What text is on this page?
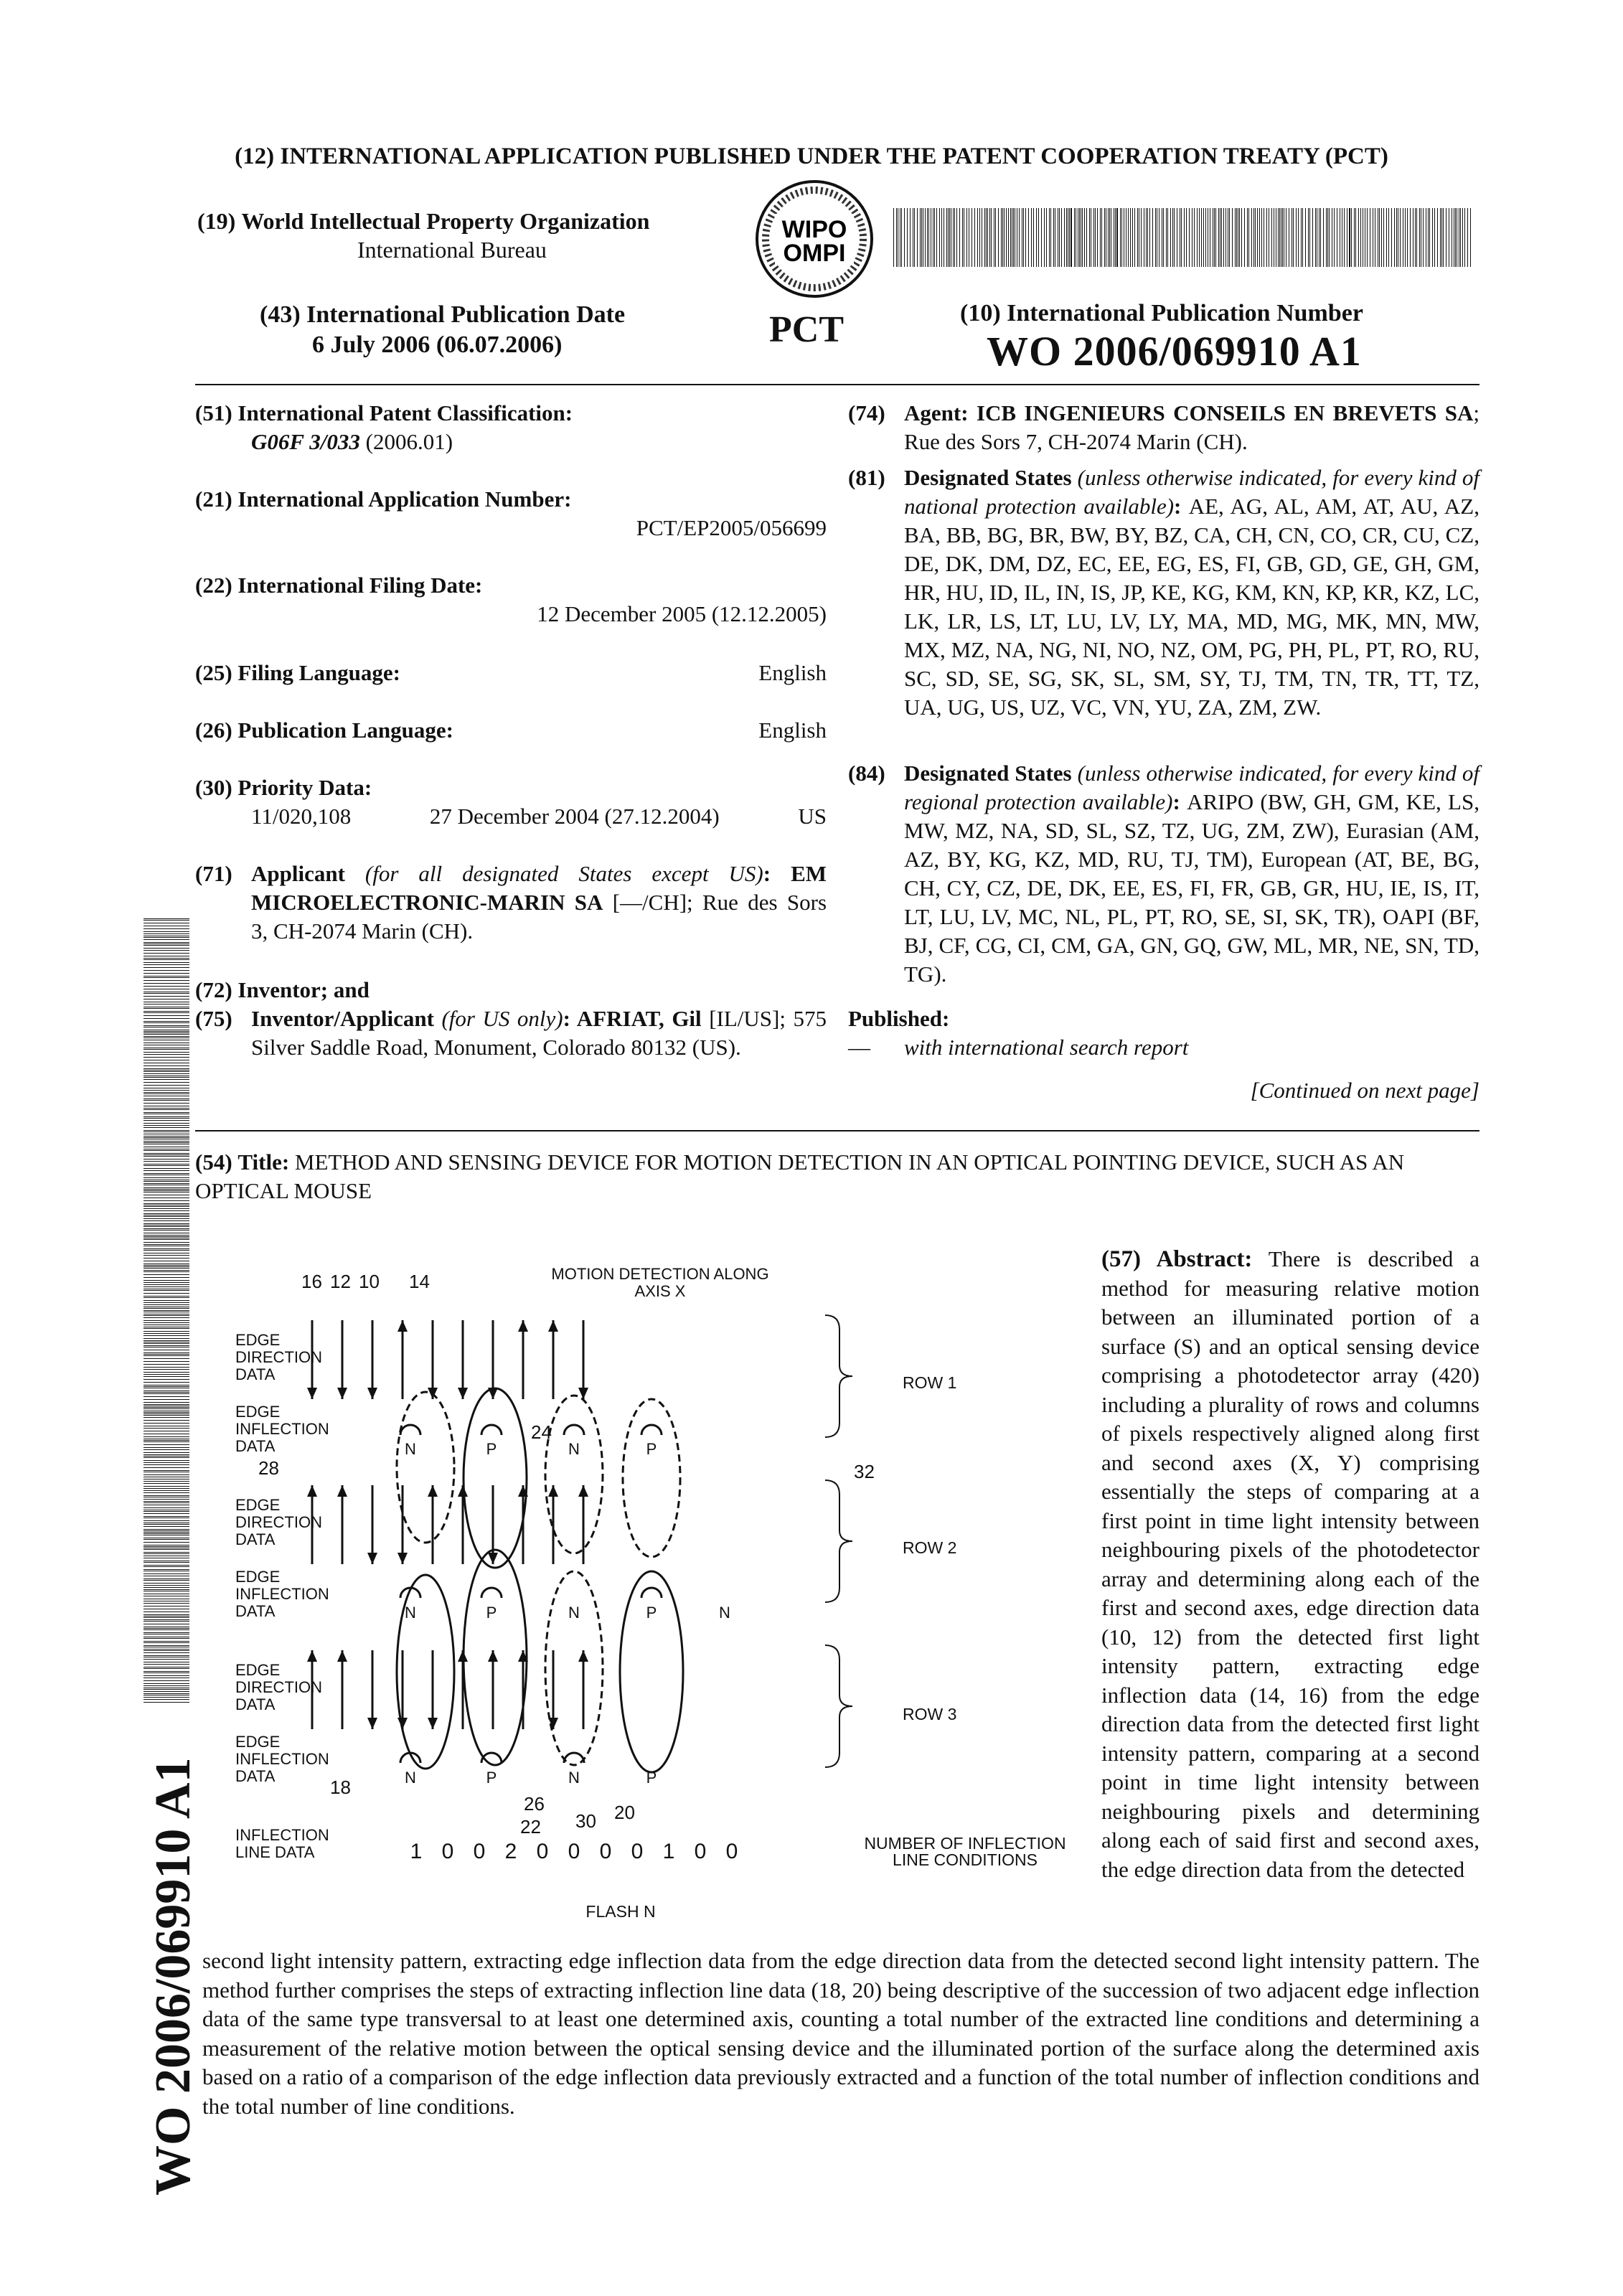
(12) INTERNATIONAL APPLICATION PUBLISHED UNDER THE PATENT COOPERATION TREATY (PCT)
(19) World Intellectual Property Organization
International Bureau
WIPO
OMPI
(43) International Publication Date
6 July 2006 (06.07.2006)	PCT	(10) International Publication Number
WO 2006/069910 A1
(51) International Patent Classification:
G06F 3/033 (2006.01)
(21) International Application Number:
PCT/EP2005/056699
(22) International Filing Date:
12 December 2005 (12.12.2005)
(25) Filing Language:	English
(26) Publication Language:	English
(30) Priority Data:
11/020,108	27 December 2004 (27.12.2004)	US
(71) Applicant (for all designated States except US): EM MICROELECTRONIC-MARIN SA [—/CH]; Rue des Sors 3, CH-2074 Marin (CH).
(72) Inventor; and
(75) Inventor/Applicant (for US only): AFRIAT, Gil [IL/US]; 575 Silver Saddle Road, Monument, Colorado 80132 (US).
(74) Agent: ICB INGENIEURS CONSEILS EN BREVETS SA; Rue des Sors 7, CH-2074 Marin (CH).
(81) Designated States (unless otherwise indicated, for every kind of national protection available): AE, AG, AL, AM, AT, AU, AZ, BA, BB, BG, BR, BW, BY, BZ, CA, CH, CN, CO, CR, CU, CZ, DE, DK, DM, DZ, EC, EE, EG, ES, FI, GB, GD, GE, GH, GM, HR, HU, ID, IL, IN, IS, JP, KE, KG, KM, KN, KP, KR, KZ, LC, LK, LR, LS, LT, LU, LV, LY, MA, MD, MG, MK, MN, MW, MX, MZ, NA, NG, NI, NO, NZ, OM, PG, PH, PL, PT, RO, RU, SC, SD, SE, SG, SK, SL, SM, SY, TJ, TM, TN, TR, TT, TZ, UA, UG, US, UZ, VC, VN, YU, ZA, ZM, ZW.
(84) Designated States (unless otherwise indicated, for every kind of regional protection available): ARIPO (BW, GH, GM, KE, LS, MW, MZ, NA, SD, SL, SZ, TZ, UG, ZM, ZW), Eurasian (AM, AZ, BY, KG, KZ, MD, RU, TJ, TM), European (AT, BE, BG, CH, CY, CZ, DE, DK, EE, ES, FI, FR, GB, GR, HU, IE, IS, IT, LT, LU, LV, MC, NL, PL, PT, RO, SE, SI, SK, TR), OAPI (BF, BJ, CF, CG, CI, CM, GA, GN, GQ, GW, ML, MR, NE, SN, TD, TG).
Published:
—	with international search report
[Continued on next page]
(54) Title: METHOD AND SENSING DEVICE FOR MOTION DETECTION IN AN OPTICAL POINTING DEVICE, SUCH AS AN OPTICAL MOUSE
WO 2006/069910 A1
MOTION DETECTION ALONG
AXIS X
EDGE
DIRECTION
DATA
EDGE
INFLECTION
DATA
EDGE
DIRECTION
DATA
EDGE
INFLECTION
DATA
EDGE
DIRECTION
DATA
EDGE
INFLECTION
DATA
INFLECTION
LINE DATA
ROW 1
ROW 2
ROW 3
NUMBER OF INFLECTION
LINE CONDITIONS
FLASH N
N	P	N	P
N	P	N	P	N
N	P	N	P
16 12 10 14
24
28	32
18
26
22 30 20
1 0 0 2 0 0 0 0 1 0 0
(57) Abstract: There is described a method for measuring relative motion between an illuminated portion of a surface (S) and an optical sensing device comprising a photodetector array (420) including a plurality of rows and columns of pixels respectively aligned along first and second axes (X, Y) comprising essentially the steps of comparing at a first point in time light intensity between neighbouring pixels of the photodetector array and determining along each of the first and second axes, edge direction data (10, 12) from the detected first light intensity pattern, extracting edge inflection data (14, 16) from the edge direction data from the detected first light intensity pattern, comparing at a second point in time light intensity between neighbouring pixels and determining along each of said first and second axes, the edge direction data from the detected
second light intensity pattern, extracting edge inflection data from the edge direction data from the detected second light intensity pattern. The method further comprises the steps of extracting inflection line data (18, 20) being descriptive of the succession of two adjacent edge inflection data of the same type transversal to at least one determined axis, counting a total number of the extracted line conditions and determining a measurement of the relative motion between the optical sensing device and the illuminated portion of the surface along the determined axis based on a ratio of a comparison of the edge inflection data previously extracted and a function of the total number of inflection conditions and the total number of line conditions.
